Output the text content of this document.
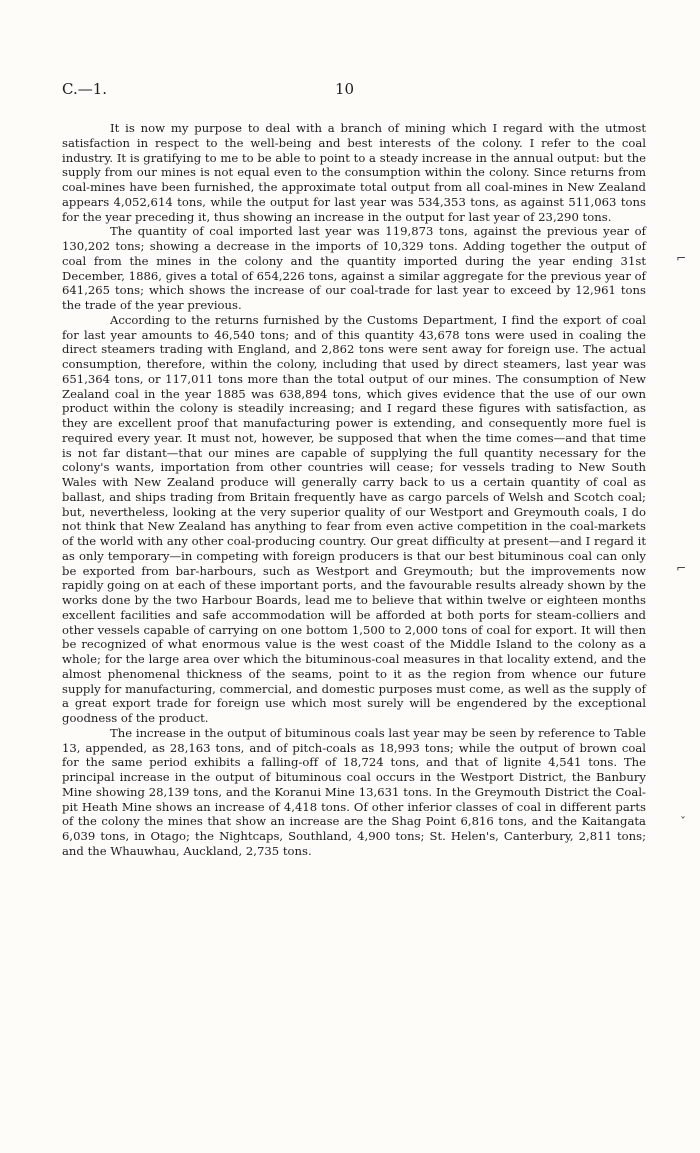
C.—1.	10

It is now my purpose to deal with a branch of mining which I regard with the utmost satisfaction in respect to the well-being and best interests of the colony. I refer to the coal industry. It is gratifying to me to be able to point to a steady increase in the annual output: but the supply from our mines is not equal even to the consumption within the colony. Since returns from coal-mines have been furnished, the approximate total output from all coal-mines in New Zealand appears 4,052,614 tons, while the output for last year was 534,353 tons, as against 511,063 tons for the year preceding it, thus showing an increase in the output for last year of 23,290 tons.

The quantity of coal imported last year was 119,873 tons, against the previous year of 130,202 tons; showing a decrease in the imports of 10,329 tons. Adding together the output of coal from the mines in the colony and the quantity imported during the year ending 31st December, 1886, gives a total of 654,226 tons, against a similar aggregate for the previous year of 641,265 tons; which shows the increase of our coal-trade for last year to exceed by 12,961 tons the trade of the year previous.

According to the returns furnished by the Customs Department, I find the export of coal for last year amounts to 46,540 tons; and of this quantity 43,678 tons were used in coaling the direct steamers trading with England, and 2,862 tons were sent away for foreign use. The actual consumption, therefore, within the colony, including that used by direct steamers, last year was 651,364 tons, or 117,011 tons more than the total output of our mines. The consumption of New Zealand coal in the year 1885 was 638,894 tons, which gives evidence that the use of our own product within the colony is steadily increasing; and I regard these figures with satisfaction, as they are excellent proof that manufacturing power is extending, and consequently more fuel is required every year. It must not, however, be supposed that when the time comes—and that time is not far distant—that our mines are capable of supplying the full quantity necessary for the colony's wants, importation from other countries will cease; for vessels trading to New South Wales with New Zealand produce will generally carry back to us a certain quantity of coal as ballast, and ships trading from Britain frequently have as cargo parcels of Welsh and Scotch coal; but, nevertheless, looking at the very superior quality of our Westport and Greymouth coals, I do not think that New Zealand has anything to fear from even active competition in the coal-markets of the world with any other coal-producing country. Our great difficulty at present—and I regard it as only temporary—in competing with foreign producers is that our best bituminous coal can only be exported from bar-harbours, such as Westport and Greymouth; but the improvements now rapidly going on at each of these important ports, and the favourable results already shown by the works done by the two Harbour Boards, lead me to believe that within twelve or eighteen months excellent facilities and safe accommodation will be afforded at both ports for steam-colliers and other vessels capable of carrying on one bottom 1,500 to 2,000 tons of coal for export. It will then be recognized of what enormous value is the west coast of the Middle Island to the colony as a whole; for the large area over which the bituminous-coal measures in that locality extend, and the almost phenomenal thickness of the seams, point to it as the region from whence our future supply for manufacturing, commercial, and domestic purposes must come, as well as the supply of a great export trade for foreign use which most surely will be engendered by the exceptional goodness of the product.

The increase in the output of bituminous coals last year may be seen by reference to Table 13, appended, as 28,163 tons, and of pitch-coals as 18,993 tons; while the output of brown coal for the same period exhibits a falling-off of 18,724 tons, and that of lignite 4,541 tons. The principal increase in the output of bituminous coal occurs in the Westport District, the Banbury Mine showing 28,139 tons, and the Koranui Mine 13,631 tons. In the Greymouth District the Coal-pit Heath Mine shows an increase of 4,418 tons. Of other inferior classes of coal in different parts of the colony the mines that show an increase are the Shag Point 6,816 tons, and the Kaitangata 6,039 tons, in Otago; the Nightcaps, Southland, 4,900 tons; St. Helen's, Canterbury, 2,811 tons; and the Whauwhau, Auckland, 2,735 tons.

⌐
⌐
ˇ
